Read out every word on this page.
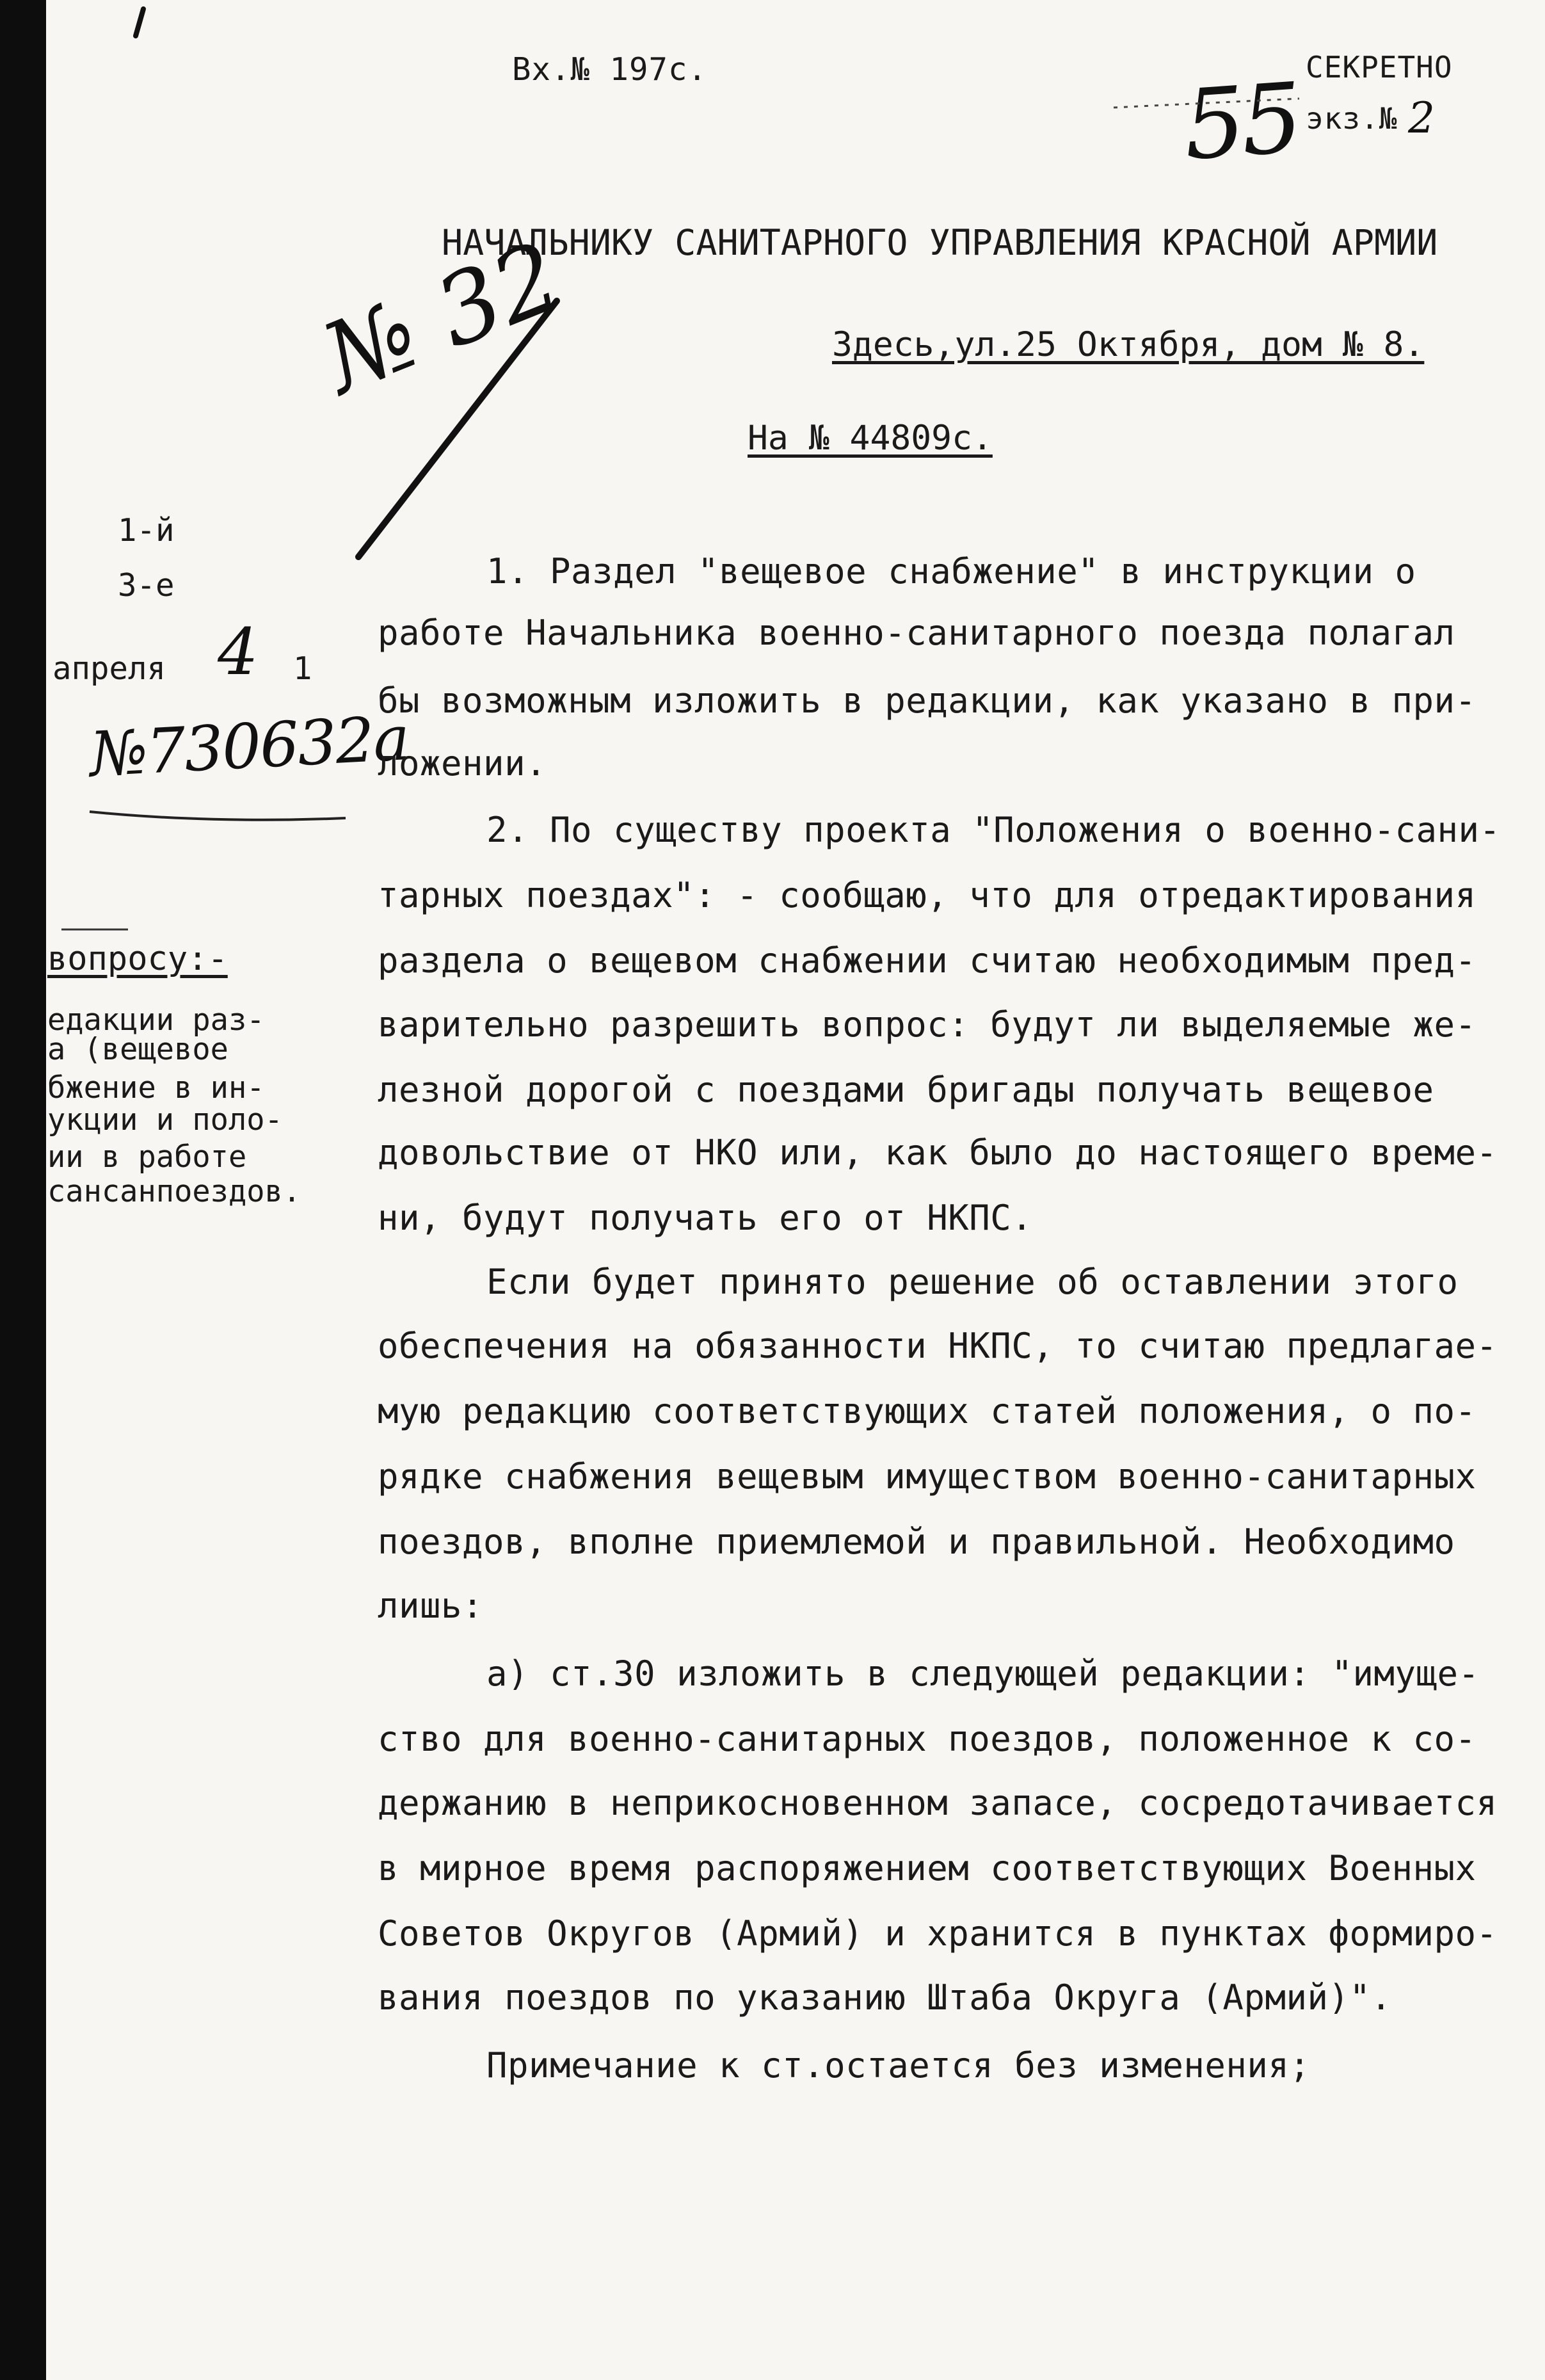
Вх.№ 197с.	СЕКРЕТНО
экз.№ 2
55
НАЧАЛЬНИКУ САНИТАРНОГО УПРАВЛЕНИЯ КРАСНОЙ АРМИИ
Здесь,ул.25 Октября, дом № 8.
На № 44809с.
№ 32
1-й
3-е
4
апреля	1
№730632а
вопросу:-
едакции раз-
а (вещевое
бжение в ин-
укции и поло-
ии в работе
сансанпоездов.
1. Раздел "вещевое снабжение" в инструкции о
работе Начальника военно-санитарного поезда полагал
бы возможным изложить в редакции, как указано в при-
ложении.
2. По существу проекта "Положения о военно-сани-
тарных поездах": - сообщаю, что для отредактирования
раздела о вещевом снабжении считаю необходимым пред-
варительно разрешить вопрос: будут ли выделяемые же-
лезной дорогой с поездами бригады получать вещевое
довольствие от НКО или, как было до настоящего време-
ни, будут получать его от НКПС.
Если будет принято решение об оставлении этого
обеспечения на обязанности НКПС, то считаю предлагае-
мую редакцию соответствующих статей положения, о по-
рядке снабжения вещевым имуществом военно-санитарных
поездов, вполне приемлемой и правильной. Необходимо
лишь:
а) ст.30 изложить в следующей редакции: "имуще-
ство для военно-санитарных поездов, положенное к со-
держанию в неприкосновенном запасе, сосредотачивается
в мирное время распоряжением соответствующих Военных
Советов Округов (Армий) и хранится в пунктах формиро-
вания поездов по указанию Штаба Округа (Армий)".
Примечание к ст.остается без изменения;
